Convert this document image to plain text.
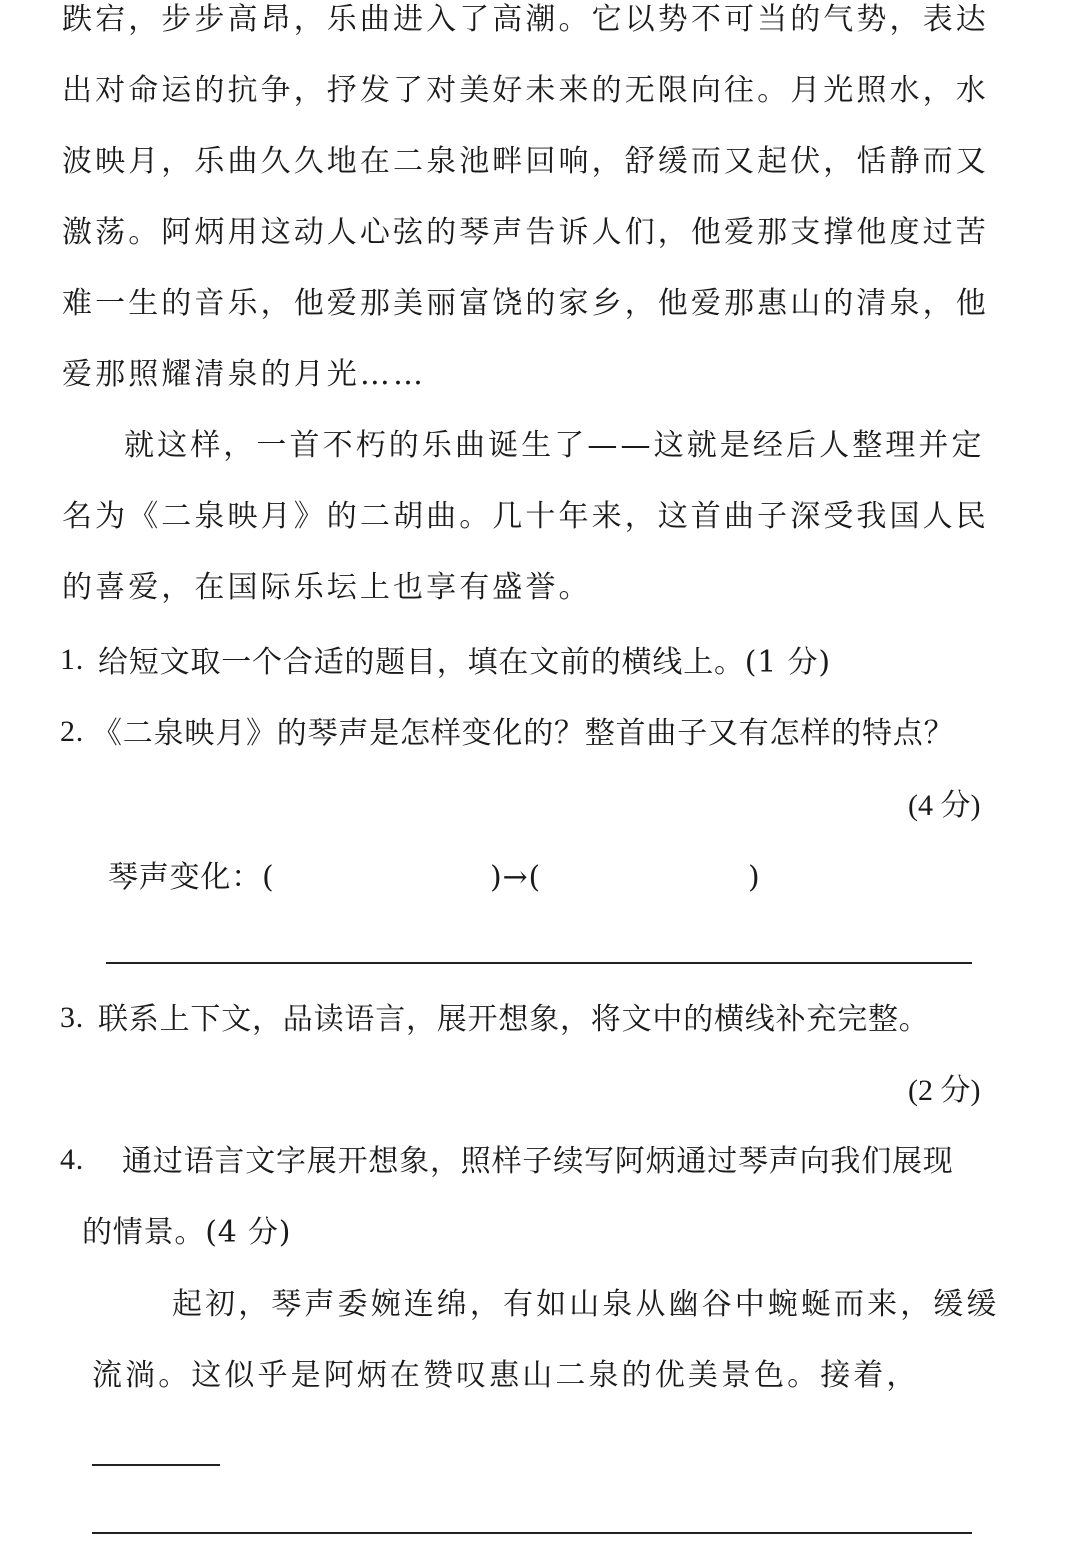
跌宕，步步高昂，乐曲进入了高潮。它以势不可当的气势，表达
出对命运的抗争，抒发了对美好未来的无限向往。月光照水，水
波映月，乐曲久久地在二泉池畔回响，舒缓而又起伏，恬静而又
激荡。阿炳用这动人心弦的琴声告诉人们，他爱那支撑他度过苦
难一生的音乐，他爱那美丽富饶的家乡，他爱那惠山的清泉，他
爱那照耀清泉的月光……
就这样，一首不朽的乐曲诞生了——这就是经后人整理并定
名为《二泉映月》的二胡曲。几十年来，这首曲子深受我国人民
的喜爱，在国际乐坛上也享有盛誉。
1. 给短文取一个合适的题目，填在文前的横线上。(1 分)
2. 《二泉映月》的琴声是怎样变化的？整首曲子又有怎样的特点？
(4 分)
琴声变化：(	)→(	)
3. 联系上下文，品读语言，展开想象，将文中的横线补充完整。
(2 分)
4. 通过语言文字展开想象，照样子续写阿炳通过琴声向我们展现
的情景。(4 分)
起初，琴声委婉连绵，有如山泉从幽谷中蜿蜒而来，缓缓
流淌。这似乎是阿炳在赞叹惠山二泉的优美景色。接着，
